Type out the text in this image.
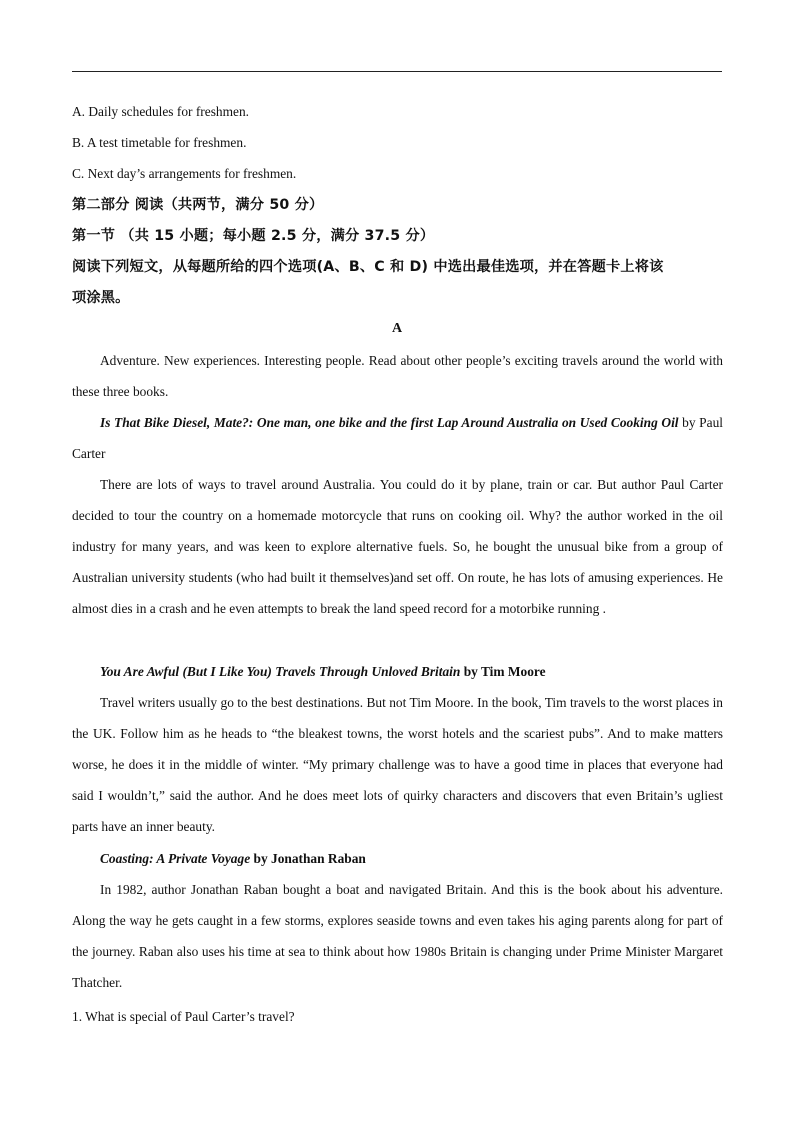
A. Daily schedules for freshmen.
B. A test timetable for freshmen.
C. Next day’s arrangements for freshmen.
第二部分 阅读（共两节，满分 50 分）
第一节 （共 15 小题；每小题 2.5 分，满分 37.5 分）
阅读下列短文，从每题所给的四个选项(A、B、C 和 D) 中选出最佳选项，并在答题卡上将该
项涂黑。
A
Adventure. New experiences. Interesting people. Read about other people’s exciting travels around the world with these three books.
Is That Bike Diesel, Mate?: One man, one bike and the first Lap Around Australia on Used Cooking Oil by Paul Carter
There are lots of ways to travel around Australia. You could do it by plane, train or car. But author Paul Carter decided to tour the country on a homemade motorcycle that runs on cooking oil. Why? the author worked in the oil industry for many years, and was keen to explore alternative fuels. So, he bought the unusual bike from a group of Australian university students (who had built it themselves)and set off. On route, he has lots of amusing experiences. He almost dies in a crash and he even attempts to break the land speed record for a motorbike running .
You Are Awful (But I Like You) Travels Through Unloved Britain by Tim Moore
Travel writers usually go to the best destinations. But not Tim Moore. In the book, Tim travels to the worst places in the UK. Follow him as he heads to “the bleakest towns, the worst hotels and the scariest pubs”. And to make matters worse, he does it in the middle of winter. “My primary challenge was to have a good time in places that everyone had said I wouldn’t,” said the author. And he does meet lots of quirky characters and discovers that even Britain’s ugliest parts have an inner beauty.
Coasting: A Private Voyage by Jonathan Raban
In 1982, author Jonathan Raban bought a boat and navigated Britain. And this is the book about his adventure. Along the way he gets caught in a few storms, explores seaside towns and even takes his aging parents along for part of the journey. Raban also uses his time at sea to think about how 1980s Britain is changing under Prime Minister Margaret Thatcher.
1. What is special of Paul Carter’s travel?
